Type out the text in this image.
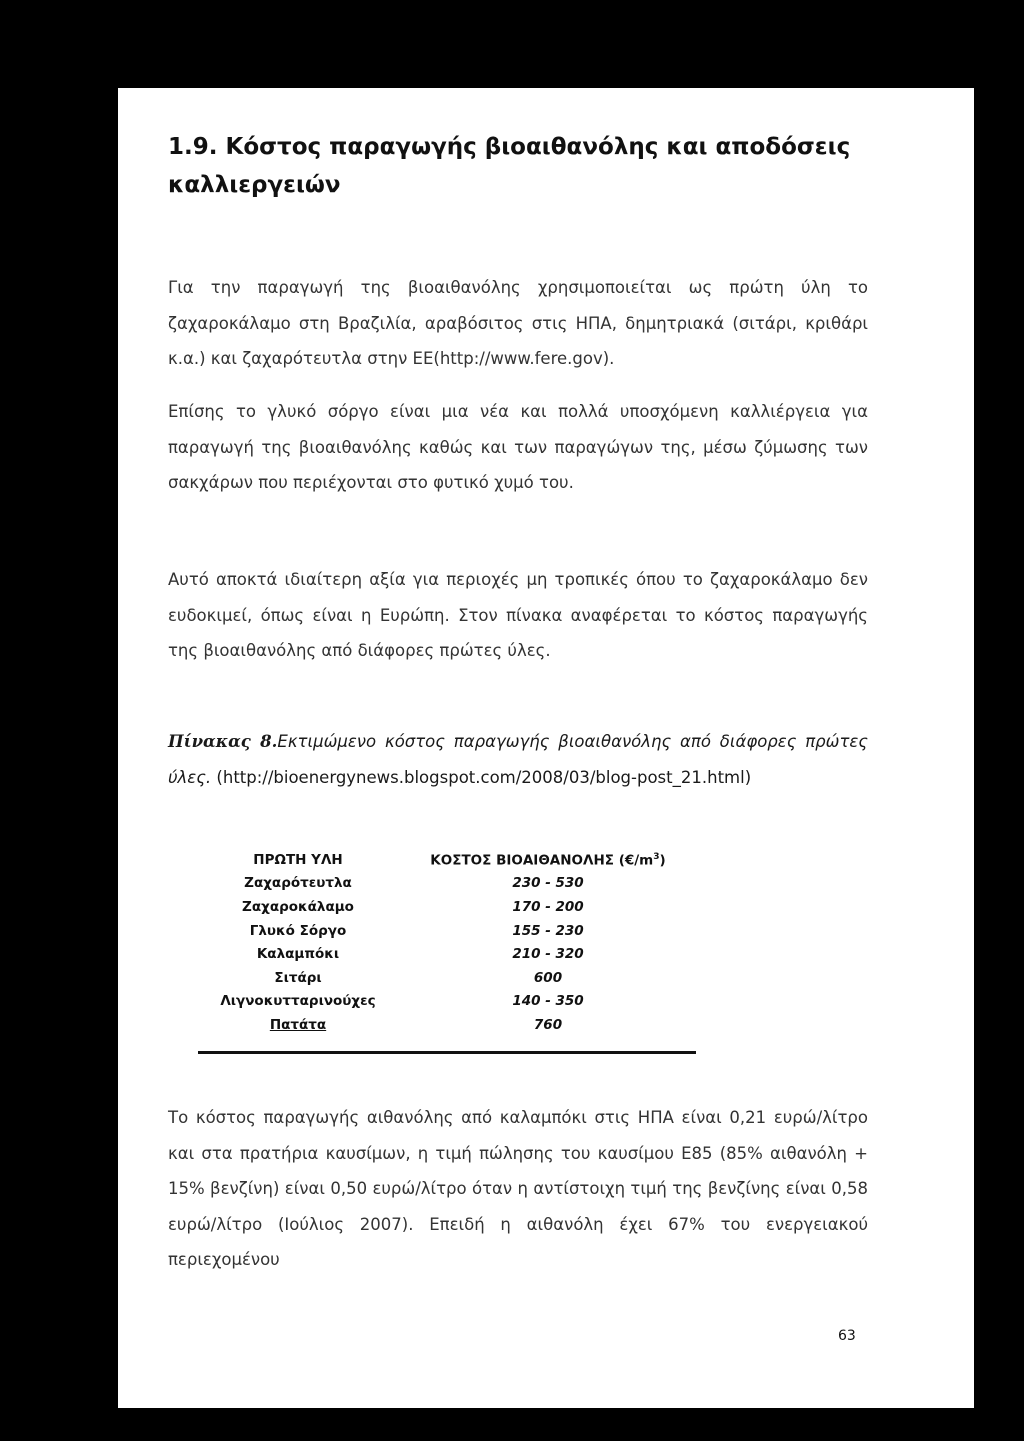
1.9. Κόστος παραγωγής βιοαιθανόλης και αποδόσεις καλλιεργειών

Για την παραγωγή της βιοαιθανόλης χρησιμοποιείται ως πρώτη ύλη το ζαχαροκάλαμο στη Βραζιλία, αραβόσιτος στις ΗΠΑ, δημητριακά (σιτάρι, κριθάρι κ.α.) και ζαχαρότευτλα στην ΕΕ(http://www.fere.gov).

Επίσης το γλυκό σόργο είναι μια νέα και πολλά υποσχόμενη καλλιέργεια για παραγωγή της βιοαιθανόλης καθώς και των παραγώγων της, μέσω ζύμωσης των σακχάρων που περιέχονται στο φυτικό χυμό του.

Αυτό αποκτά ιδιαίτερη αξία για περιοχές μη τροπικές όπου το ζαχαροκάλαμο δεν ευδοκιμεί, όπως είναι η Ευρώπη. Στον πίνακα αναφέρεται το κόστος παραγωγής της βιοαιθανόλης από διάφορες πρώτες ύλες.

Πίνακας 8.Εκτιμώμενο κόστος παραγωγής βιοαιθανόλης από διάφορες πρώτες ύλες. (http://bioenergynews.blogspot.com/2008/03/blog-post_21.html)

ΠΡΩΤΗ ΥΛΗ	ΚΟΣΤΟΣ ΒΙΟΑΙΘΑΝΟΛΗΣ $(€/m^3)$
Ζαχαρότευτλα	230 - 530
Ζαχαροκάλαμο	170 - 200
Γλυκό Σόργο	155 - 230
Καλαμπόκι	210 - 320
Σιτάρι	600
Λιγνοκυτταρινούχες	140 - 350
Πατάτα	760

Το κόστος παραγωγής αιθανόλης από καλαμπόκι στις ΗΠΑ είναι 0,21 ευρώ/λίτρο και στα πρατήρια καυσίμων, η τιμή πώλησης του καυσίμου Ε85 (85% αιθανόλη + 15% βενζίνη) είναι 0,50 ευρώ/λίτρο όταν η αντίστοιχη τιμή της βενζίνης είναι 0,58 ευρώ/λίτρο (Ιούλιος 2007). Επειδή η αιθανόλη έχει 67% του ενεργειακού περιεχομένου

63
